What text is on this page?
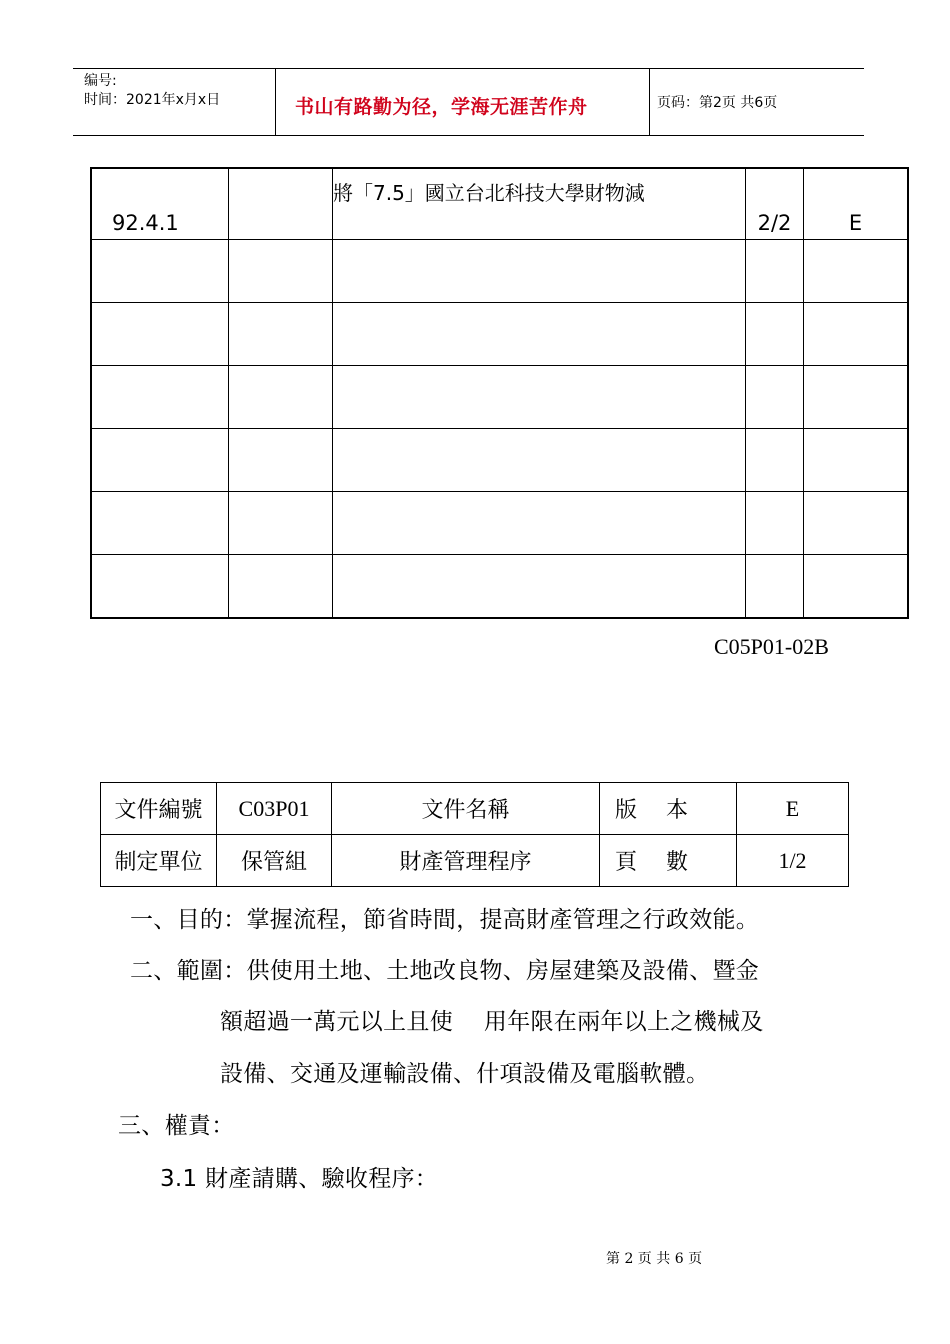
编号:
时间：2021年x月x日	书山有路勤为径，学海无涯苦作舟	页码：第2页 共6页
92.4.1		將「7.5」國立台北科技大學財物減	2/2	E

C05P01-02B
文件編號	C03P01	文件名稱	版　 本	E
制定單位	保管組	財產管理程序	頁　 數	1/2
一、目的：掌握流程，節省時間，提高財產管理之行政效能。
二、範圍：供使用土地、土地改良物、房屋建築及設備、暨金
額超過一萬元以上且使　 用年限在兩年以上之機械及
設備、交通及運輸設備、什項設備及電腦軟體。
三、權責：
3.1 財產請購、驗收程序：
第 2 页 共 6 页
